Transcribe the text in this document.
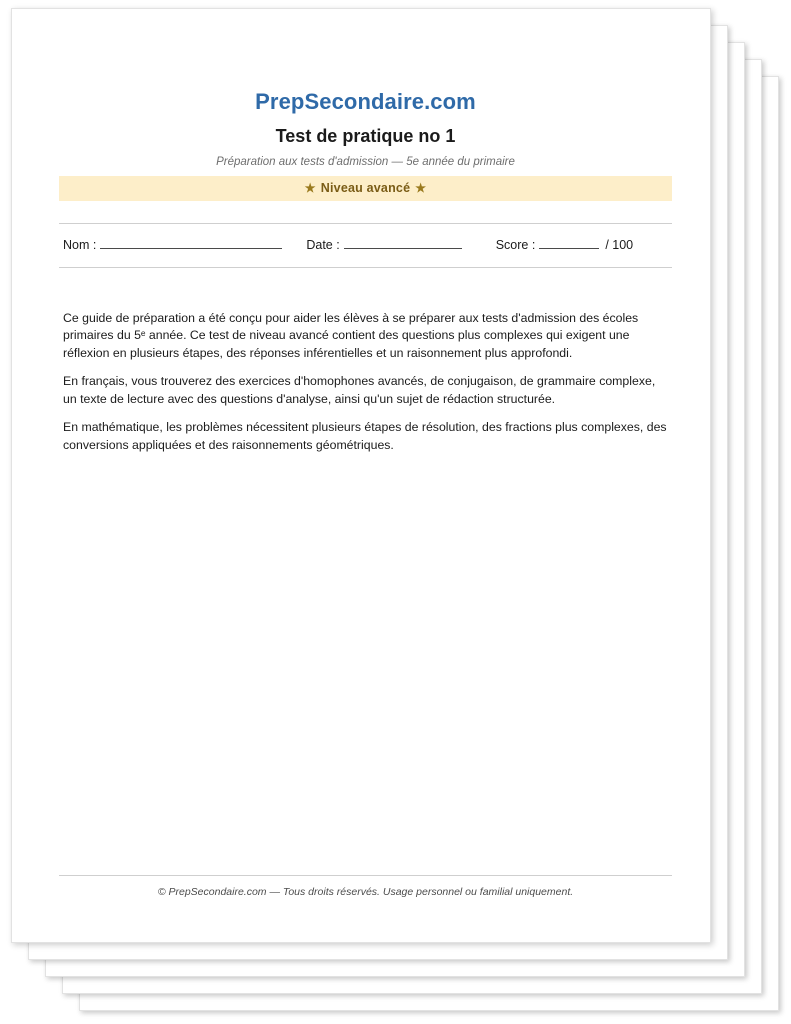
PrepSecondaire.com
Test de pratique no 1
Préparation aux tests d'admission — 5e année du primaire
★ Niveau avancé ★
Nom :	Date :	Score :	/ 100

Ce guide de préparation a été conçu pour aider les élèves à se préparer aux tests d'admission des écoles primaires du 5ᵉ année. Ce test de niveau avancé contient des questions plus complexes qui exigent une réflexion en plusieurs étapes, des réponses inférentielles et un raisonnement plus approfondi.

En français, vous trouverez des exercices d'homophones avancés, de conjugaison, de grammaire complexe, un texte de lecture avec des questions d'analyse, ainsi qu'un sujet de rédaction structurée.

En mathématique, les problèmes nécessitent plusieurs étapes de résolution, des fractions plus complexes, des conversions appliquées et des raisonnements géométriques.

© PrepSecondaire.com — Tous droits réservés. Usage personnel ou familial uniquement.
